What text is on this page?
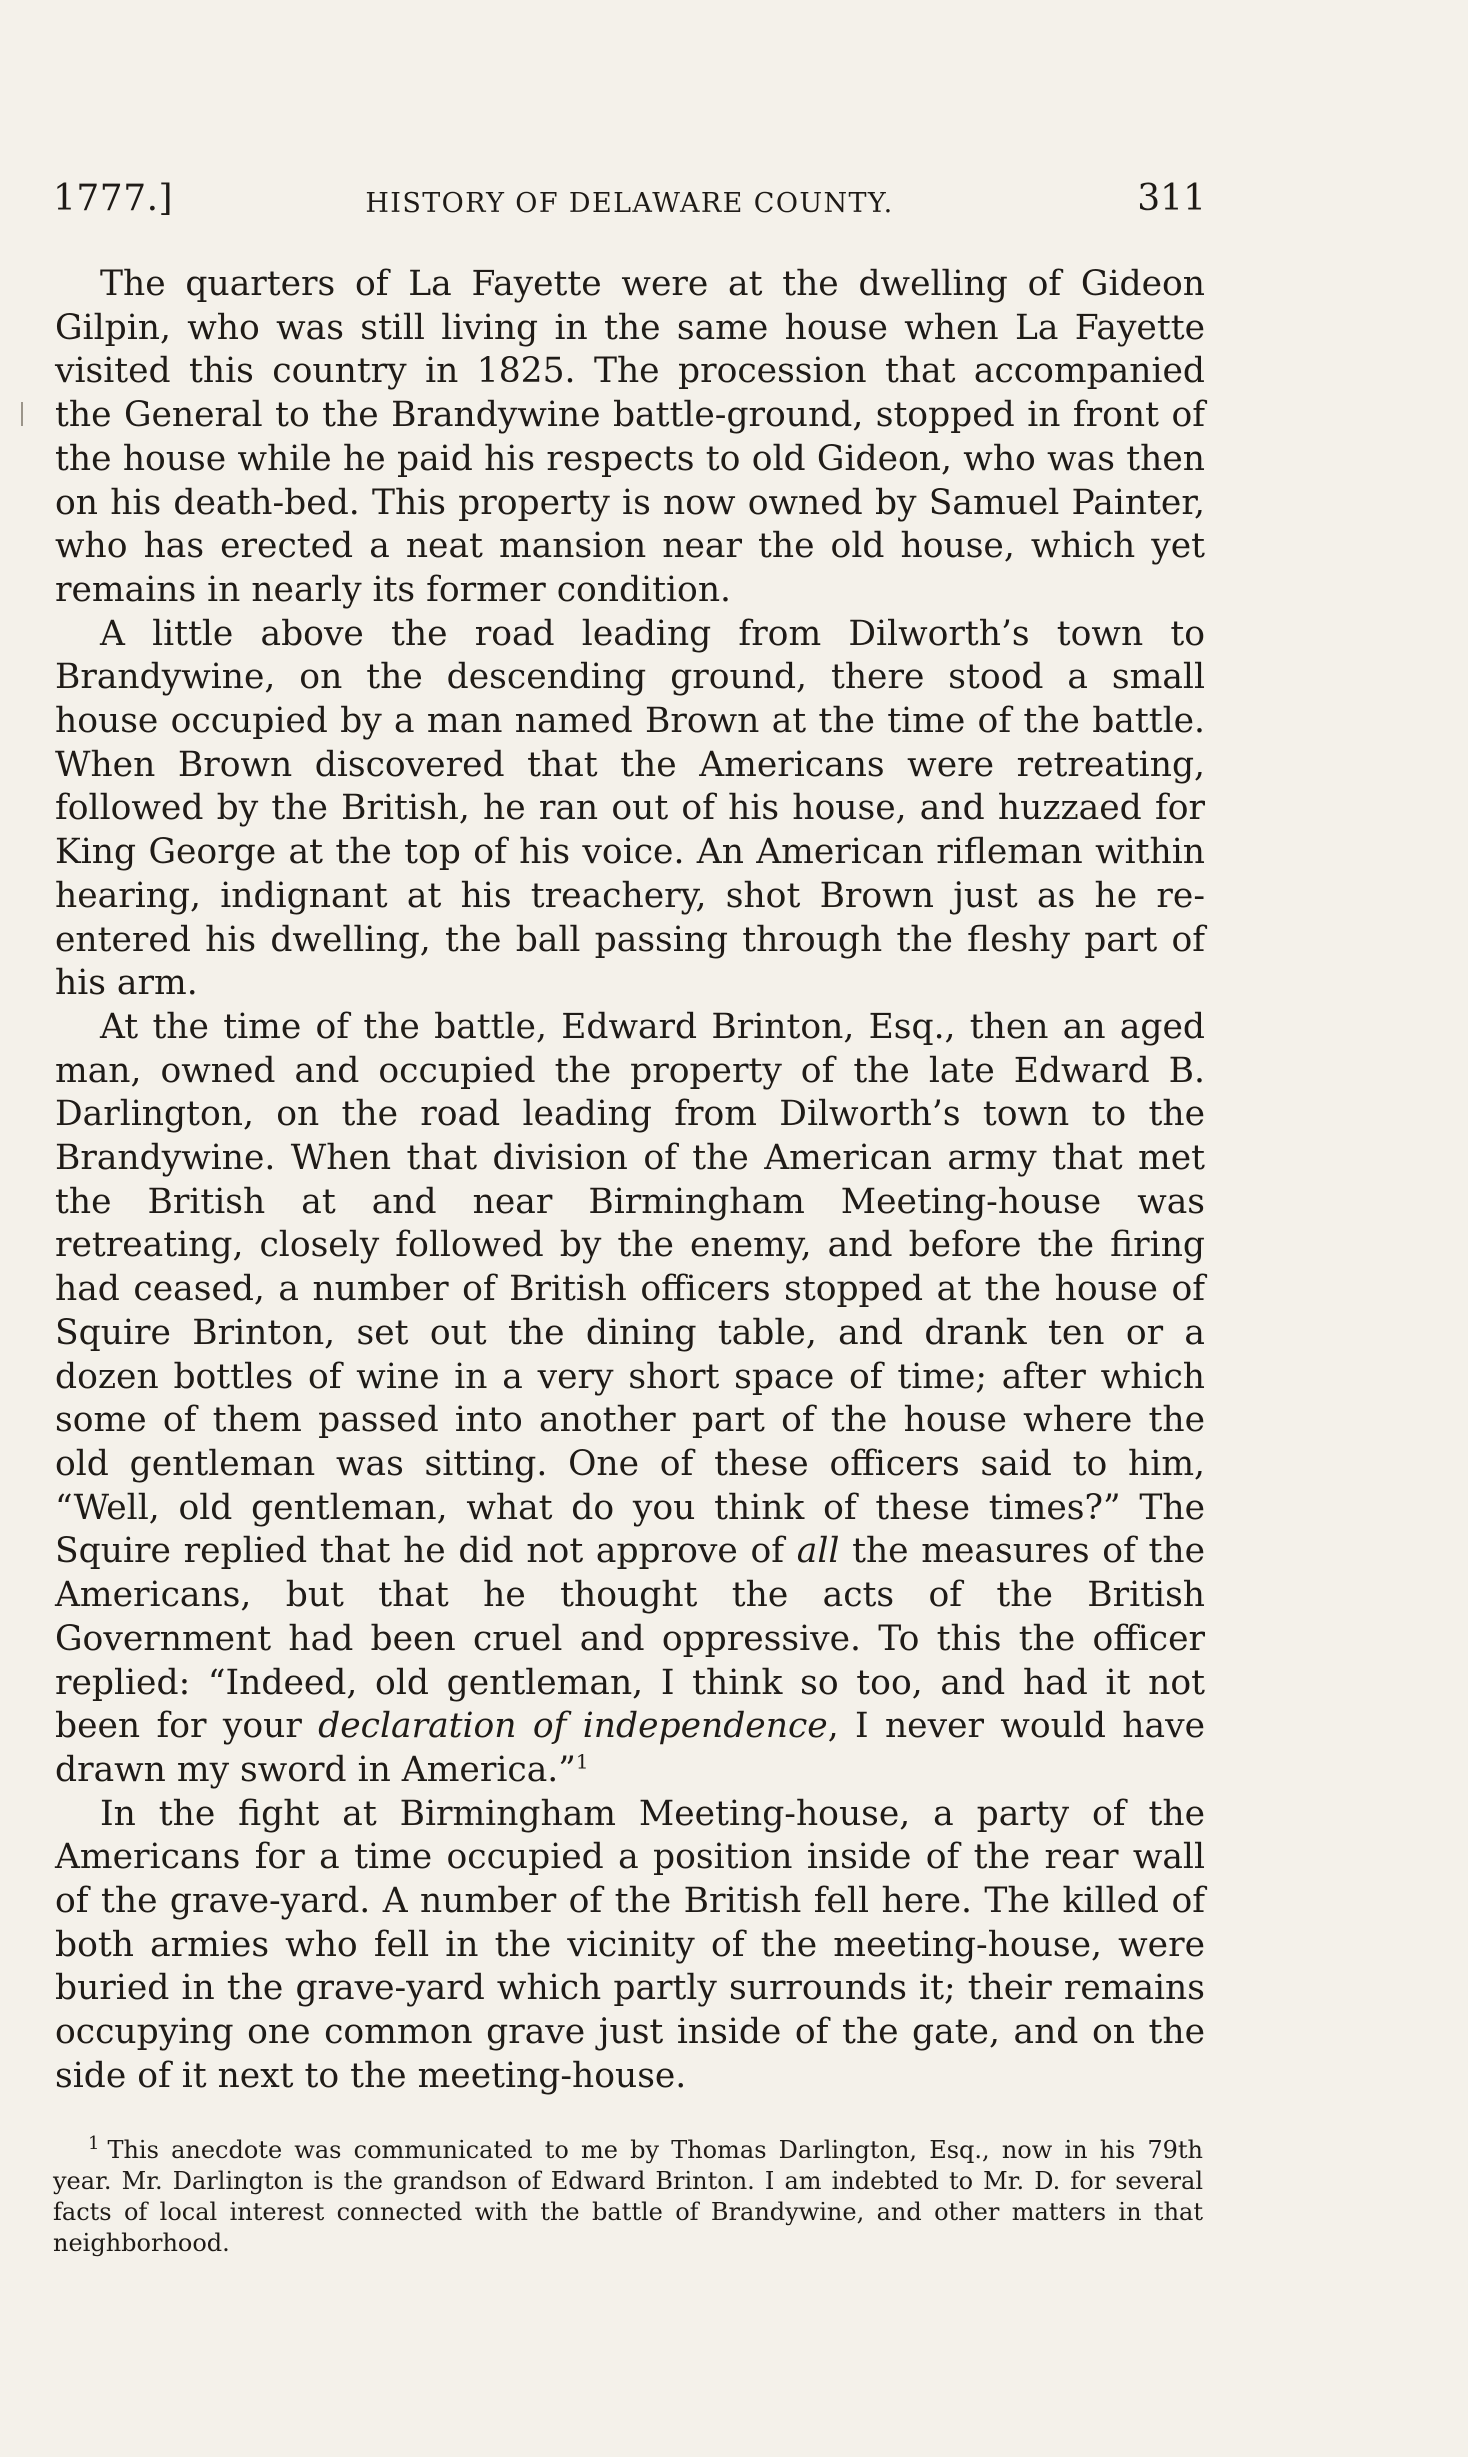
1777.]	HISTORY OF DELAWARE COUNTY.	311

The quarters of La Fayette were at the dwelling of Gideon Gilpin, who was still living in the same house when La Fayette visited this country in 1825. The procession that accompanied the General to the Brandywine battle-ground, stopped in front of the house while he paid his respects to old Gideon, who was then on his death-bed. This property is now owned by Samuel Painter, who has erected a neat mansion near the old house, which yet remains in nearly its former condition.

A little above the road leading from Dilworth’s town to Brandywine, on the descending ground, there stood a small house occupied by a man named Brown at the time of the battle. When Brown discovered that the Americans were retreating, followed by the British, he ran out of his house, and huzzaed for King George at the top of his voice. An American rifleman within hearing, indignant at his treachery, shot Brown just as he re-entered his dwelling, the ball passing through the fleshy part of his arm.

At the time of the battle, Edward Brinton, Esq., then an aged man, owned and occupied the property of the late Edward B. Darlington, on the road leading from Dilworth’s town to the Brandywine. When that division of the American army that met the British at and near Birmingham Meeting-house was retreating, closely followed by the enemy, and before the firing had ceased, a number of British officers stopped at the house of Squire Brinton, set out the dining table, and drank ten or a dozen bottles of wine in a very short space of time; after which some of them passed into another part of the house where the old gentleman was sitting. One of these officers said to him, “Well, old gentleman, what do you think of these times?” The Squire replied that he did not approve of all the measures of the Americans, but that he thought the acts of the British Government had been cruel and oppressive. To this the officer replied: “Indeed, old gentleman, I think so too, and had it not been for your declaration of independence, I never would have drawn my sword in America.”$^1$

In the fight at Birmingham Meeting-house, a party of the Americans for a time occupied a position inside of the rear wall of the grave-yard. A number of the British fell here. The killed of both armies who fell in the vicinity of the meeting-house, were buried in the grave-yard which partly surrounds it; their remains occupying one common grave just inside of the gate, and on the side of it next to the meeting-house.

$^1$ This anecdote was communicated to me by Thomas Darlington, Esq., now in his 79th year. Mr. Darlington is the grandson of Edward Brinton. I am indebted to Mr. D. for several facts of local interest connected with the battle of Brandywine, and other matters in that neighborhood.
